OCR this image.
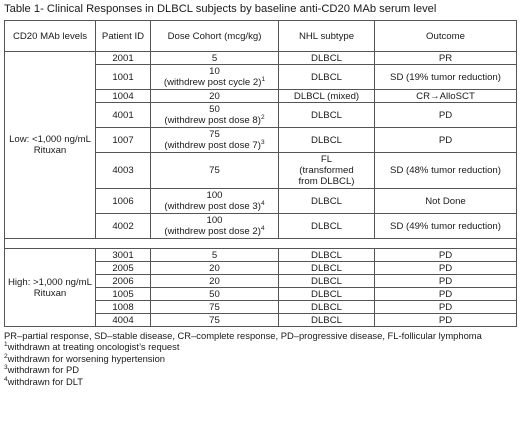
Table 1- Clinical Responses in DLBCL subjects by baseline anti-CD20 MAb serum level
CD20 MAb levels	Patient ID	Dose Cohort (mcg/kg)	NHL subtype	Outcome
Low: <1,000 ng/mL Rituxan	2001	5	DLBCL	PR
	1001	10
(withdrew post cycle 2)$^1$	DLBCL	SD (19% tumor reduction)
	1004	20	DLBCL (mixed)	CR→AlloSCT
	4001	50
(withdrew post dose 8)$^2$	DLBCL	PD
	1007	75
(withdrew post dose 7)$^3$	DLBCL	PD
	4003	75	FL
(transformed
from DLBCL)	SD (48% tumor reduction)
	1006	100
(withdrew post dose 3)$^4$	DLBCL	Not Done
	4002	100
(withdrew post dose 2)$^4$	DLBCL	SD (49% tumor reduction)

High: >1,000 ng/mL Rituxan	3001	5	DLBCL	PD
	2005	20	DLBCL	PD
	2006	20	DLBCL	PD
	1005	50	DLBCL	PD
	1008	75	DLBCL	PD
	4004	75	DLBCL	PD
PR–partial response, SD–stable disease, CR–complete response, PD–progressive disease, FL-follicular lymphoma
$^1$withdrawn at treating oncologist’s request
$^2$withdrawn for worsening hypertension
$^3$withdrawn for PD
$^4$withdrawn for DLT
